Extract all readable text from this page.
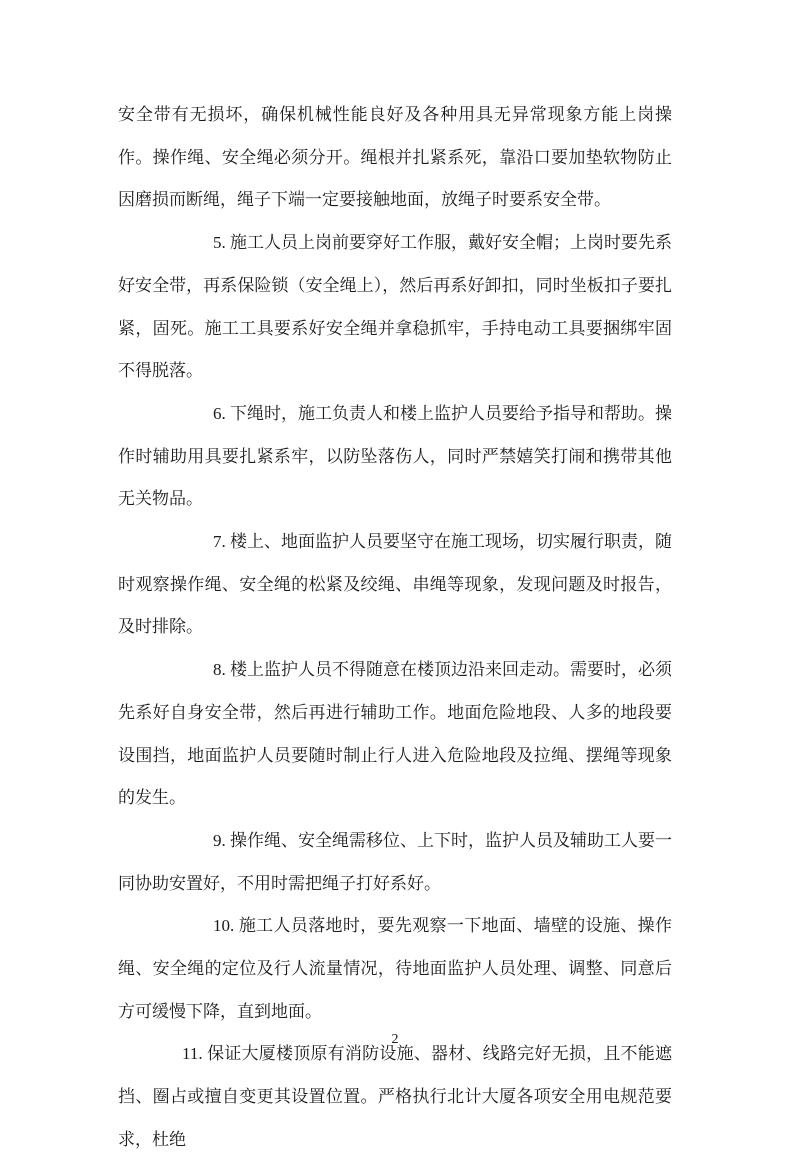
安全带有无损坏，确保机械性能良好及各种用具无异常现象方能上岗操作。操作绳、安全绳必须分开。绳根并扎紧系死，靠沿口要加垫软物防止因磨损而断绳，绳子下端一定要接触地面，放绳子时要系安全带。

5. 施工人员上岗前要穿好工作服，戴好安全帽；上岗时要先系好安全带，再系保险锁（安全绳上），然后再系好卸扣，同时坐板扣子要扎紧，固死。施工工具要系好安全绳并拿稳抓牢，手持电动工具要捆绑牢固不得脱落。

6. 下绳时，施工负责人和楼上监护人员要给予指导和帮助。操作时辅助用具要扎紧系牢，以防坠落伤人，同时严禁嬉笑打闹和携带其他无关物品。

7. 楼上、地面监护人员要坚守在施工现场，切实履行职责，随时观察操作绳、安全绳的松紧及绞绳、串绳等现象，发现问题及时报告，及时排除。

8. 楼上监护人员不得随意在楼顶边沿来回走动。需要时，必须先系好自身安全带，然后再进行辅助工作。地面危险地段、人多的地段要设围挡，地面监护人员要随时制止行人进入危险地段及拉绳、摆绳等现象的发生。

9. 操作绳、安全绳需移位、上下时，监护人员及辅助工人要一同协助安置好，不用时需把绳子打好系好。

10. 施工人员落地时，要先观察一下地面、墙壁的设施、操作绳、安全绳的定位及行人流量情况，待地面监护人员处理、调整、同意后方可缓慢下降，直到地面。

11. 保证大厦楼顶原有消防设施、器材、线路完好无损，且不能遮挡、圈占或擅自变更其设置位置。严格执行北计大厦各项安全用电规范要求，杜绝

2
